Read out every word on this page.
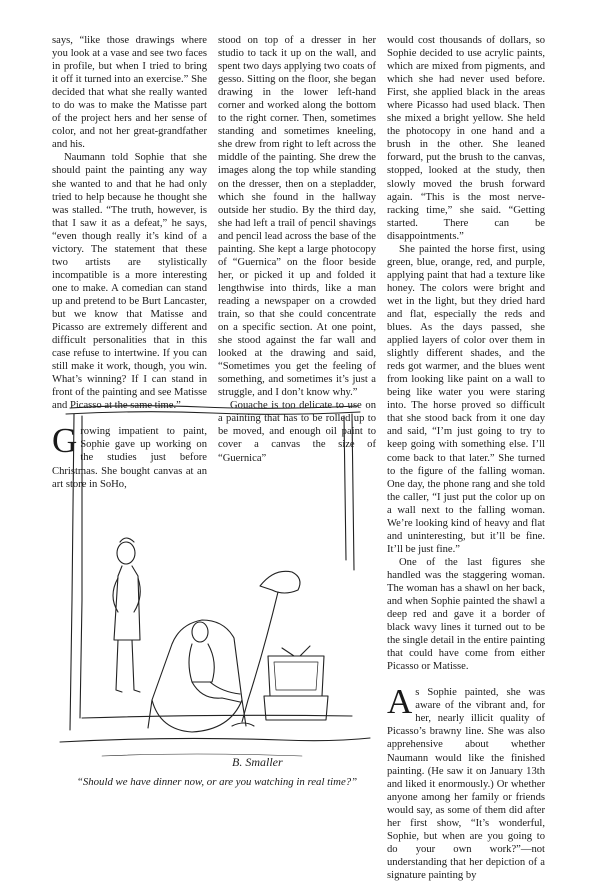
says, “like those drawings where you look at a vase and see two faces in profile, but when I tried to bring it off it turned into an exercise.” She decided that what she really wanted to do was to make the Matisse part of the project hers and her sense of color, and not her great-grandfather and his.

Naumann told Sophie that she should paint the painting any way she wanted to and that he had only tried to help because he thought she was stalled. “The truth, however, is that I saw it as a defeat,” he says, “even though really it’s kind of a victory. The statement that these two artists are stylistically incompatible is a more interesting one to make. A comedian can stand up and pretend to be Burt Lancaster, but we know that Matisse and Picasso are extremely different and difficult personalities that in this case refuse to intertwine. If you can still make it work, though, you win. What’s winning? If I can stand in front of the painting and see Matisse and Picasso at the same time.”

Growing impatient to paint, Sophie gave up working on the studies just before Christmas. She bought canvas at an art store in SoHo,

stood on top of a dresser in her studio to tack it up on the wall, and spent two days applying two coats of gesso. Sitting on the floor, she began drawing in the lower left-hand corner and worked along the bottom to the right corner. Then, sometimes standing and sometimes kneeling, she drew from right to left across the middle of the painting. She drew the images along the top while standing on the dresser, then on a stepladder, which she found in the hallway outside her studio. By the third day, she had left a trail of pencil shavings and pencil lead across the base of the painting. She kept a large photocopy of “Guernica” on the floor beside her, or picked it up and folded it lengthwise into thirds, like a man reading a newspaper on a crowded train, so that she could concentrate on a specific section. At one point, she stood against the far wall and looked at the drawing and said, “Sometimes you get the feeling of something, and sometimes it’s just a struggle, and I don’t know why.”

Gouache is too delicate to use on a painting that has to be rolled up to be moved, and enough oil paint to cover a canvas the size of “Guernica”

would cost thousands of dollars, so Sophie decided to use acrylic paints, which are mixed from pigments, and which she had never used before. First, she applied black in the areas where Picasso had used black. Then she mixed a bright yellow. She held the photocopy in one hand and a brush in the other. She leaned forward, put the brush to the canvas, stopped, looked at the study, then slowly moved the brush forward again. “This is the most nerve-racking time,” she said. “Getting started. There can be disappointments.”

She painted the horse first, using green, blue, orange, red, and purple, applying paint that had a texture like honey. The colors were bright and wet in the light, but they dried hard and flat, especially the reds and blues. As the days passed, she applied layers of color over them in slightly different shades, and the reds got warmer, and the blues went from looking like paint on a wall to being like water you were staring into. The horse proved so difficult that she stood back from it one day and said, “I’m just going to try to keep going with something else. I’ll come back to that later.” She turned to the figure of the falling woman. One day, the phone rang and she told the caller, “I just put the color up on a wall next to the falling woman. We’re looking kind of heavy and flat and uninteresting, but it’ll be fine. It’ll be just fine.”

One of the last figures she handled was the staggering woman. The woman has a shawl on her back, and when Sophie painted the shawl a deep red and gave it a border of black wavy lines it turned out to be the single detail in the entire painting that could have come from either Picasso or Matisse.

As Sophie painted, she was aware of the vibrant and, for her, nearly illicit quality of Picasso’s brawny line. She was also apprehensive about whether Naumann would like the finished painting. (He saw it on January 13th and liked it enormously.) Or whether anyone among her family or friends would say, as some of them did after her first show, “It’s wonderful, Sophie, but when are you going to do your own work?”—not understanding that her depiction of a signature painting by

B. Smaller
“Should we have dinner now, or are you watching in real time?”
